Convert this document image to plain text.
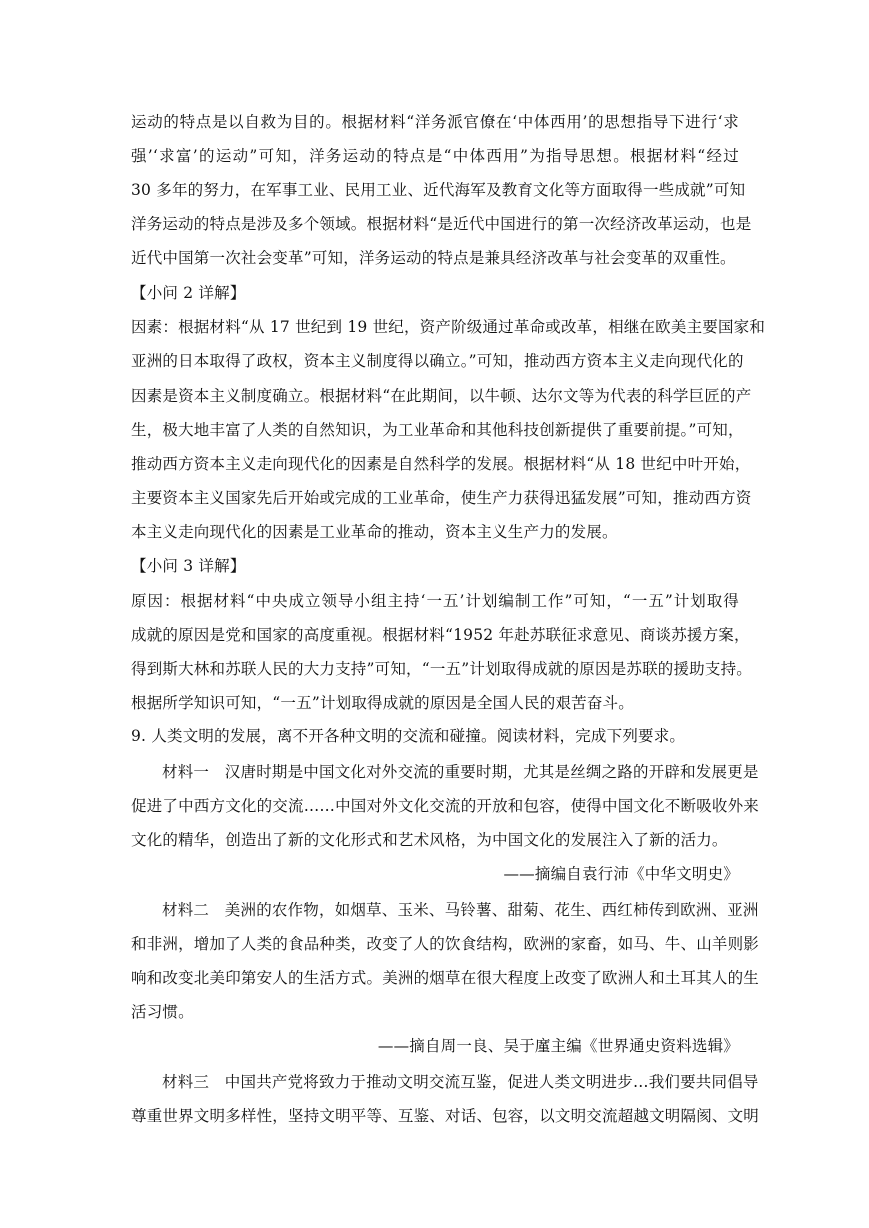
运动的特点是以自救为目的。根据材料“洋务派官僚在‘中体西用’的思想指导下进行‘求
强’‘求富’的运动”可知，洋务运动的特点是“中体西用”为指导思想。根据材料“经过
30 多年的努力，在军事工业、民用工业、近代海军及教育文化等方面取得一些成就”可知
洋务运动的特点是涉及多个领域。根据材料“是近代中国进行的第一次经济改革运动，也是
近代中国第一次社会变革”可知，洋务运动的特点是兼具经济改革与社会变革的双重性。
【小问 2 详解】
因素：根据材料“从 17 世纪到 19 世纪，资产阶级通过革命或改革，相继在欧美主要国家和
亚洲的日本取得了政权，资本主义制度得以确立。”可知，推动西方资本主义走向现代化的
因素是资本主义制度确立。根据材料“在此期间，以牛顿、达尔文等为代表的科学巨匠的产
生，极大地丰富了人类的自然知识，为工业革命和其他科技创新提供了重要前提。”可知，
推动西方资本主义走向现代化的因素是自然科学的发展。根据材料“从 18 世纪中叶开始，
主要资本主义国家先后开始或完成的工业革命，使生产力获得迅猛发展”可知，推动西方资
本主义走向现代化的因素是工业革命的推动，资本主义生产力的发展。
【小问 3 详解】
原因：根据材料“中央成立领导小组主持‘一五’计划编制工作”可知，“一五”计划取得
成就的原因是党和国家的高度重视。根据材料“1952 年赴苏联征求意见、商谈苏援方案，
得到斯大林和苏联人民的大力支持”可知，“一五”计划取得成就的原因是苏联的援助支持。
根据所学知识可知，“一五”计划取得成就的原因是全国人民的艰苦奋斗。
9. 人类文明的发展，离不开各种文明的交流和碰撞。阅读材料，完成下列要求。
材料一　汉唐时期是中国文化对外交流的重要时期，尤其是丝绸之路的开辟和发展更是
促进了中西方文化的交流……中国对外文化交流的开放和包容，使得中国文化不断吸收外来
文化的精华，创造出了新的文化形式和艺术风格，为中国文化的发展注入了新的活力。
——摘编自袁行沛《中华文明史》
材料二　美洲的农作物，如烟草、玉米、马铃薯、甜菊、花生、西红柿传到欧洲、亚洲
和非洲，增加了人类的食品种类，改变了人的饮食结构，欧洲的家畜，如马、牛、山羊则影
响和改变北美印第安人的生活方式。美洲的烟草在很大程度上改变了欧洲人和土耳其人的生
活习惯。
——摘自周一良、吴于廑主编《世界通史资料选辑》
材料三　中国共产党将致力于推动文明交流互鉴，促进人类文明进步…我们要共同倡导
尊重世界文明多样性，坚持文明平等、互鉴、对话、包容，以文明交流超越文明隔阂、文明
